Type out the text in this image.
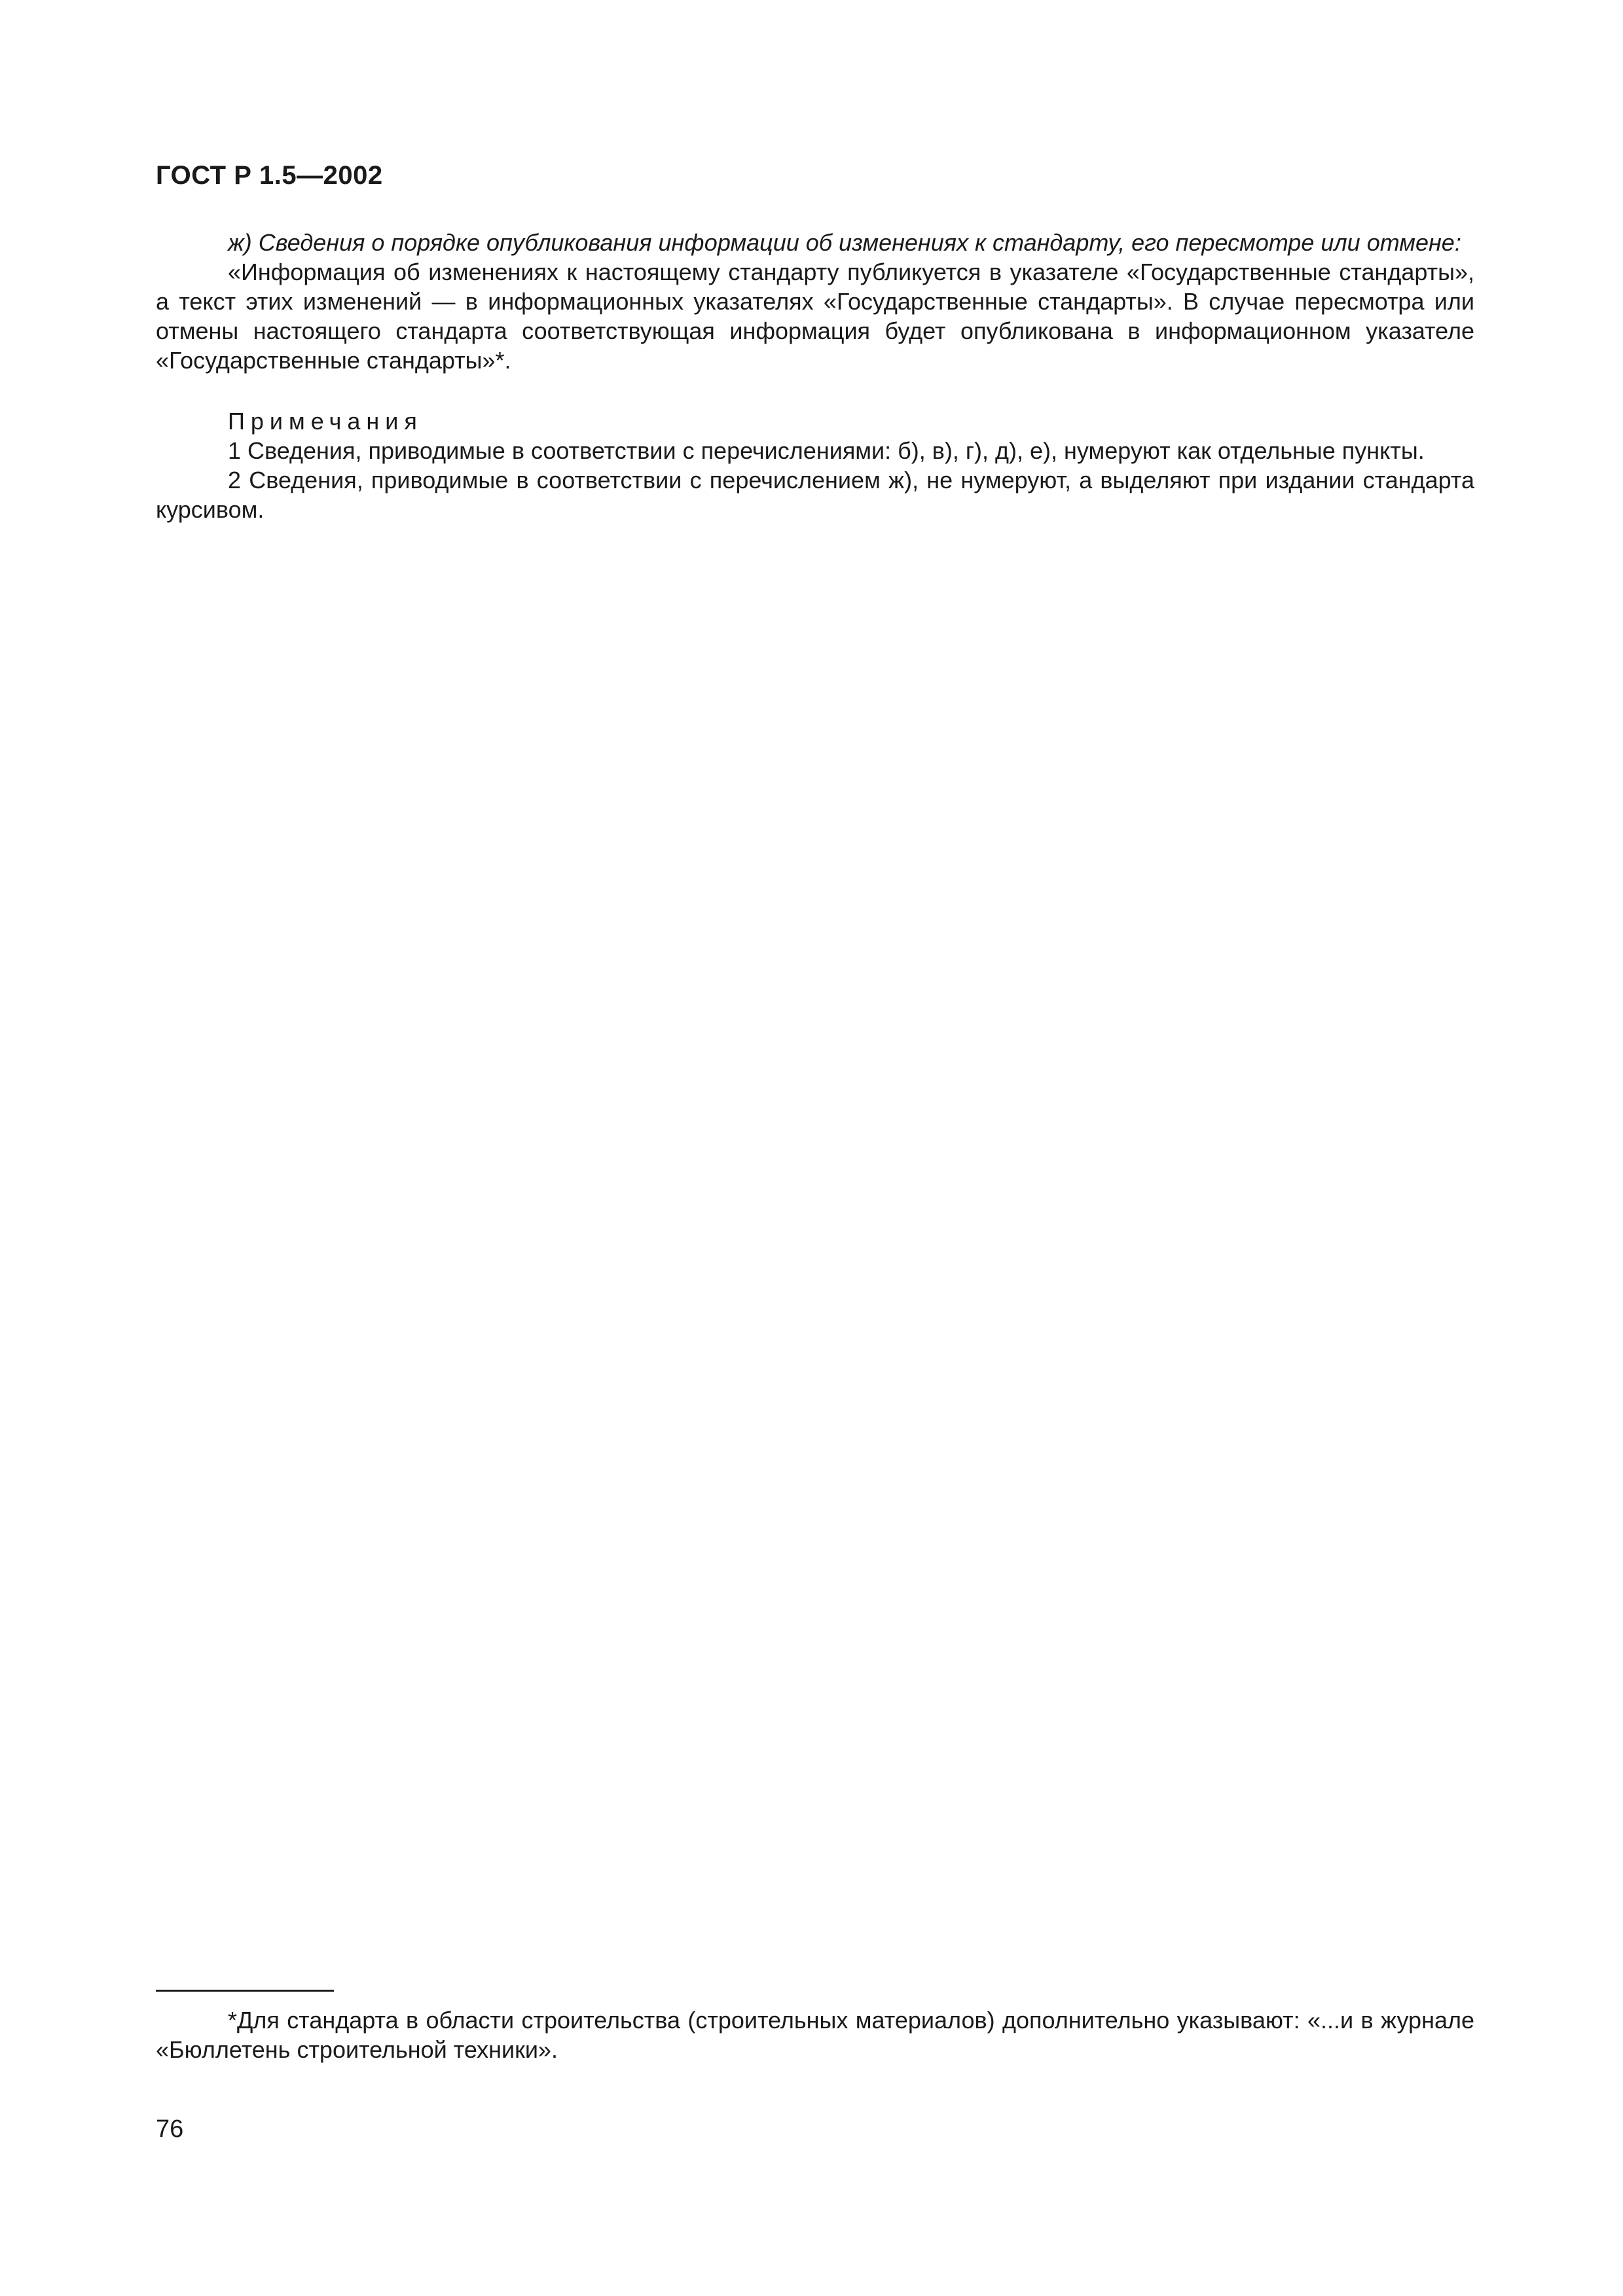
ГОСТ Р 1.5—2002

ж) Сведения о порядке опубликования информации об изменениях к стандарту, его пересмотре или отмене:

«Информация об изменениях к настоящему стандарту публикуется в указателе «Государственные стандарты», а текст этих изменений — в информационных указателях «Государственные стандарты». В случае пересмотра или отмены настоящего стандарта соответствующая информация будет опубликована в информационном указателе «Государственные стандарты»*.

Примечания

1 Сведения, приводимые в соответствии с перечислениями: б), в), г), д), е), нумеруют как отдельные пункты.

2 Сведения, приводимые в соответствии с перечислением ж), не нумеруют, а выделяют при издании стандарта курсивом.

*Для стандарта в области строительства (строительных материалов) дополнительно указывают: «...и в журнале «Бюллетень строительной техники».

76
